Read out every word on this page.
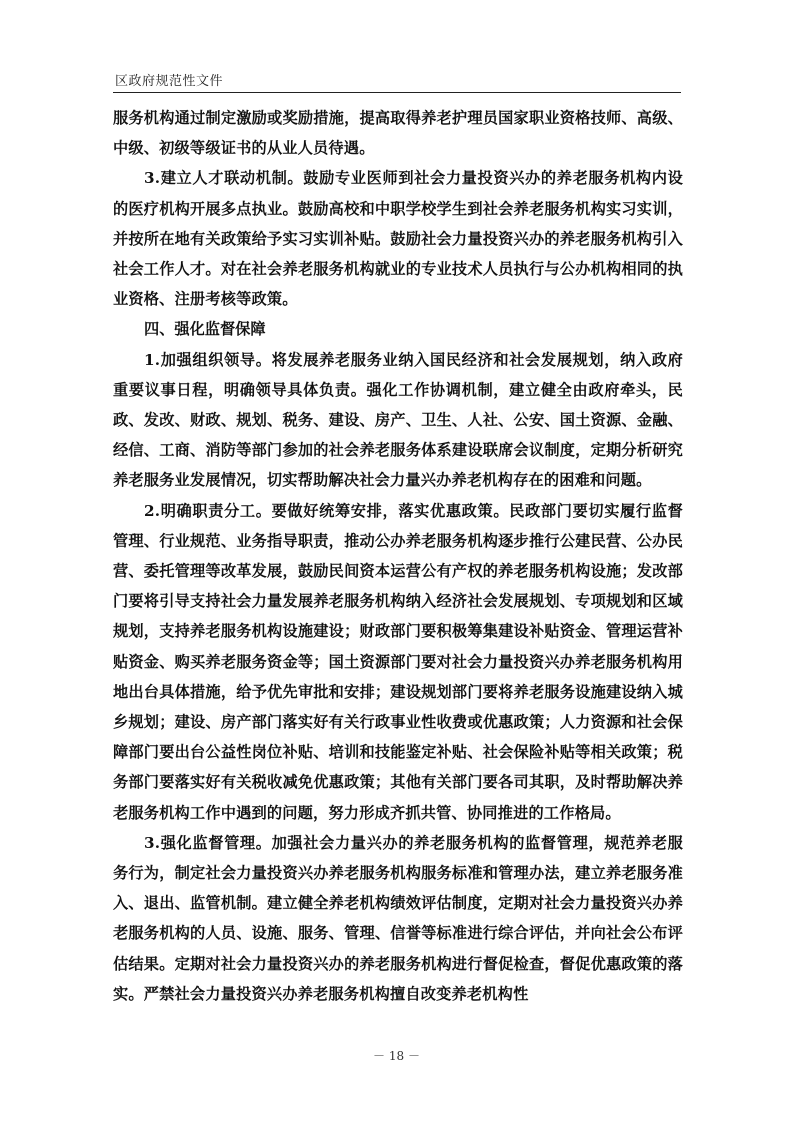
区政府规范性文件

服务机构通过制定激励或奖励措施，提高取得养老护理员国家职业资格技师、高级、中级、初级等级证书的从业人员待遇。

3.建立人才联动机制。鼓励专业医师到社会力量投资兴办的养老服务机构内设的医疗机构开展多点执业。鼓励高校和中职学校学生到社会养老服务机构实习实训，并按所在地有关政策给予实习实训补贴。鼓励社会力量投资兴办的养老服务机构引入社会工作人才。对在社会养老服务机构就业的专业技术人员执行与公办机构相同的执业资格、注册考核等政策。

四、强化监督保障

1.加强组织领导。将发展养老服务业纳入国民经济和社会发展规划，纳入政府重要议事日程，明确领导具体负责。强化工作协调机制，建立健全由政府牵头，民政、发改、财政、规划、税务、建设、房产、卫生、人社、公安、国土资源、金融、经信、工商、消防等部门参加的社会养老服务体系建设联席会议制度，定期分析研究养老服务业发展情况，切实帮助解决社会力量兴办养老机构存在的困难和问题。

2.明确职责分工。要做好统筹安排，落实优惠政策。民政部门要切实履行监督管理、行业规范、业务指导职责，推动公办养老服务机构逐步推行公建民营、公办民营、委托管理等改革发展，鼓励民间资本运营公有产权的养老服务机构设施；发改部门要将引导支持社会力量发展养老服务机构纳入经济社会发展规划、专项规划和区域规划，支持养老服务机构设施建设；财政部门要积极筹集建设补贴资金、管理运营补贴资金、购买养老服务资金等；国土资源部门要对社会力量投资兴办养老服务机构用地出台具体措施，给予优先审批和安排；建设规划部门要将养老服务设施建设纳入城乡规划；建设、房产部门落实好有关行政事业性收费或优惠政策；人力资源和社会保障部门要出台公益性岗位补贴、培训和技能鉴定补贴、社会保险补贴等相关政策；税务部门要落实好有关税收减免优惠政策；其他有关部门要各司其职，及时帮助解决养老服务机构工作中遇到的问题，努力形成齐抓共管、协同推进的工作格局。

3.强化监督管理。加强社会力量兴办的养老服务机构的监督管理，规范养老服务行为，制定社会力量投资兴办养老服务机构服务标准和管理办法，建立养老服务准入、退出、监管机制。建立健全养老机构绩效评估制度，定期对社会力量投资兴办养老服务机构的人员、设施、服务、管理、信誉等标准进行综合评估，并向社会公布评估结果。定期对社会力量投资兴办的养老服务机构进行督促检查，督促优惠政策的落实。严禁社会力量投资兴办养老服务机构擅自改变养老机构性

－ 18 －
